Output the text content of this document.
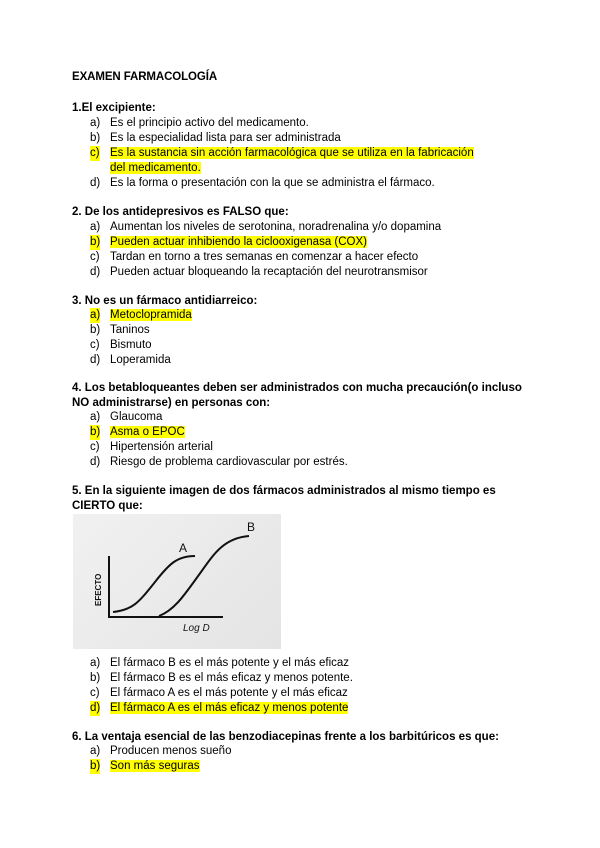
EXAMEN FARMACOLOGÍA
1.El excipiente:
a) Es el principio activo del medicamento.
b) Es la especialidad lista para ser administrada
c) Es la sustancia sin acción farmacológica que se utiliza en la fabricación del medicamento.
d) Es la forma o presentación con la que se administra el fármaco.
2. De los antidepresivos es FALSO que:
a) Aumentan los niveles de serotonina, noradrenalina y/o dopamina
b) Pueden actuar inhibiendo la ciclooxigenasa (COX)
c) Tardan en torno a tres semanas en comenzar a hacer efecto
d) Pueden actuar bloqueando la recaptación del neurotransmisor
3. No es un fármaco antidiarreico:
a) Metoclopramida
b) Taninos
c) Bismuto
d) Loperamida
4. Los betabloqueantes deben ser administrados con mucha precaución(o incluso NO administrarse) en personas con:
a) Glaucoma
b) Asma o EPOC
c) Hipertensión arterial
d) Riesgo de problema cardiovascular por estrés.
5. En la siguiente imagen de dos fármacos administrados al mismo tiempo es CIERTO que:
A
B
EFECTO
Log D
a) El fármaco B es el más potente y el más eficaz
b) El fármaco B es el más eficaz y menos potente.
c) El fármaco A es el más potente y el más eficaz
d) El fármaco A es el más eficaz y menos potente
6. La ventaja esencial de las benzodiacepinas frente a los barbitúricos es que:
a) Producen menos sueño
b) Son más seguras
